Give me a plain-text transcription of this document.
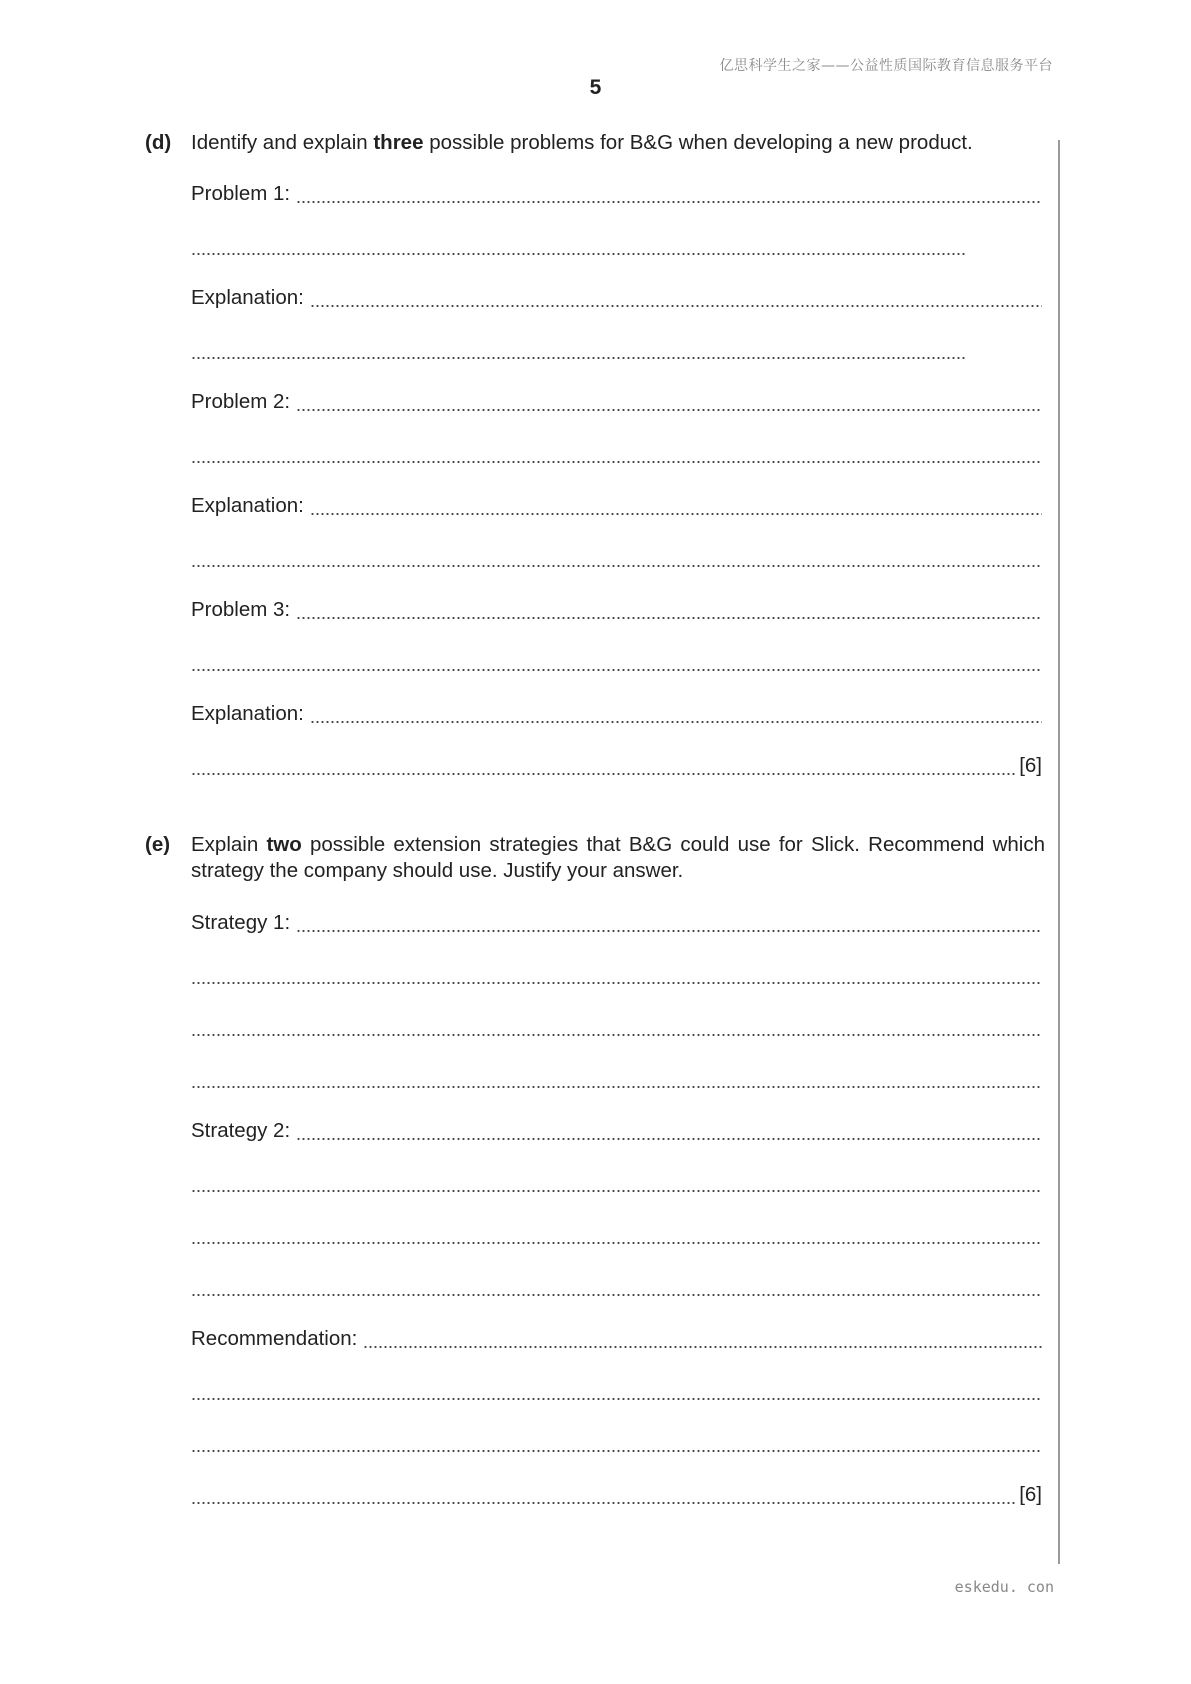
亿思科学生之家——公益性质国际教育信息服务平台
5
(d) Identify and explain three possible problems for B&G when developing a new product.
Problem 1:
Explanation:
Problem 2:
Explanation:
Problem 3:
Explanation:
[6]
(e) Explain two possible extension strategies that B&G could use for Slick. Recommend which strategy the company should use. Justify your answer.
Strategy 1:
Strategy 2:
Recommendation:
[6]
eskedu. con
